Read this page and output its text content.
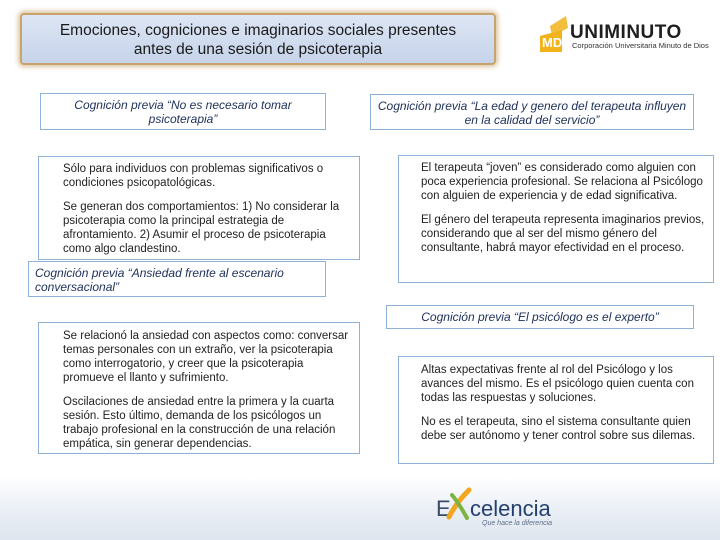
Emociones, cogniciones e imaginarios sociales presentes
antes de una sesión de psicoterapia	MD UNIMINUTO
Corporación Universitaria Minuto de Dios
Cognición previa “No es necesario tomar psicoterapia”

Sólo para individuos con problemas significativos o condiciones psicopatológicas.

Se generan dos comportamientos: 1) No considerar la psicoterapia como la principal estrategia de afrontamiento. 2) Asumir el proceso de psicoterapia como algo clandestino.

Cognición previa “Ansiedad frente al escenario conversacional”

Se relacionó la ansiedad con aspectos como: conversar temas personales con un extraño, ver la psicoterapia como interrogatorio, y creer que la psicoterapia promueve el llanto y sufrimiento.

Oscilaciones de ansiedad entre la primera y la cuarta sesión. Esto último, demanda de los psicólogos un trabajo profesional en la construcción de una relación empática, sin generar dependencias.

Cognición previa “La edad y genero del terapeuta influyen en la calidad del servicio”

El terapeuta “joven” es considerado como alguien con poca experiencia profesional. Se relaciona al Psicólogo con alguien de experiencia y de edad significativa.

El género del terapeuta representa imaginarios previos, considerando que al ser del mismo género del consultante, habrá mayor efectividad en el proceso.

Cognición previa “El psicólogo es el experto”

Altas expectativas frente al rol del Psicólogo y los avances del mismo. Es el psicólogo quien cuenta con todas las respuestas y soluciones.

No es el terapeuta, sino el sistema consultante quien debe ser autónomo y tener control sobre sus dilemas.

E celencia
Que hace la diferencia
